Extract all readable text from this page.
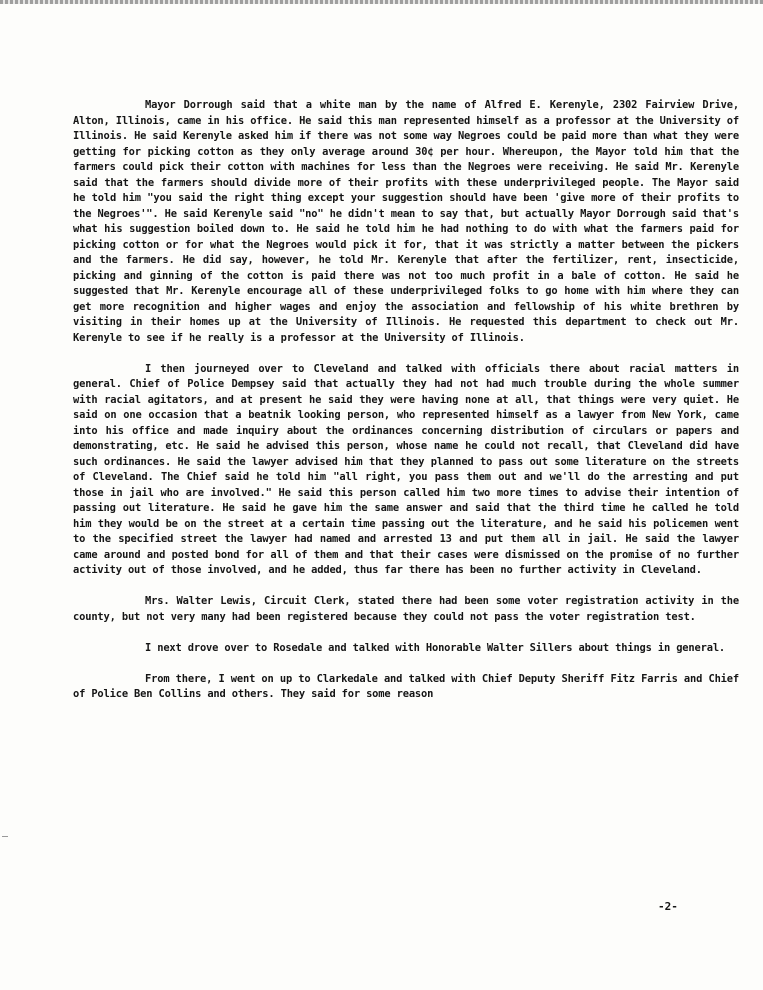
Mayor Dorrough said that a white man by the name of Alfred E. Kerenyle, 2302 Fairview Drive, Alton, Illinois, came in his office. He said this man represented himself as a professor at the University of Illinois. He said Kerenyle asked him if there was not some way Negroes could be paid more than what they were getting for picking cotton as they only average around 30¢ per hour. Whereupon, the Mayor told him that the farmers could pick their cotton with machines for less than the Negroes were receiving. He said Mr. Kerenyle said that the farmers should divide more of their profits with these underprivileged people. The Mayor said he told him "you said the right thing except your suggestion should have been 'give more of their profits to the Negroes'". He said Kerenyle said "no" he didn't mean to say that, but actually Mayor Dorrough said that's what his suggestion boiled down to. He said he told him he had nothing to do with what the farmers paid for picking cotton or for what the Negroes would pick it for, that it was strictly a matter between the pickers and the farmers. He did say, however, he told Mr. Kerenyle that after the fertilizer, rent, insecticide, picking and ginning of the cotton is paid there was not too much profit in a bale of cotton. He said he suggested that Mr. Kerenyle encourage all of these underprivileged folks to go home with him where they can get more recognition and higher wages and enjoy the association and fellowship of his white brethren by visiting in their homes up at the University of Illinois. He requested this department to check out Mr. Kerenyle to see if he really is a professor at the University of Illinois.

I then journeyed over to Cleveland and talked with officials there about racial matters in general. Chief of Police Dempsey said that actually they had not had much trouble during the whole summer with racial agitators, and at present he said they were having none at all, that things were very quiet. He said on one occasion that a beatnik looking person, who represented himself as a lawyer from New York, came into his office and made inquiry about the ordinances concerning distribution of circulars or papers and demonstrating, etc. He said he advised this person, whose name he could not recall, that Cleveland did have such ordinances. He said the lawyer advised him that they planned to pass out some literature on the streets of Cleveland. The Chief said he told him "all right, you pass them out and we'll do the arresting and put those in jail who are involved." He said this person called him two more times to advise their intention of passing out literature. He said he gave him the same answer and said that the third time he called he told him they would be on the street at a certain time passing out the literature, and he said his policemen went to the specified street the lawyer had named and arrested 13 and put them all in jail. He said the lawyer came around and posted bond for all of them and that their cases were dismissed on the promise of no further activity out of those involved, and he added, thus far there has been no further activity in Cleveland.

Mrs. Walter Lewis, Circuit Clerk, stated there had been some voter registration activity in the county, but not very many had been registered because they could not pass the voter registration test.

I next drove over to Rosedale and talked with Honorable Walter Sillers about things in general.

From there, I went on up to Clarkedale and talked with Chief Deputy Sheriff Fitz Farris and Chief of Police Ben Collins and others. They said for some reason

-2-
